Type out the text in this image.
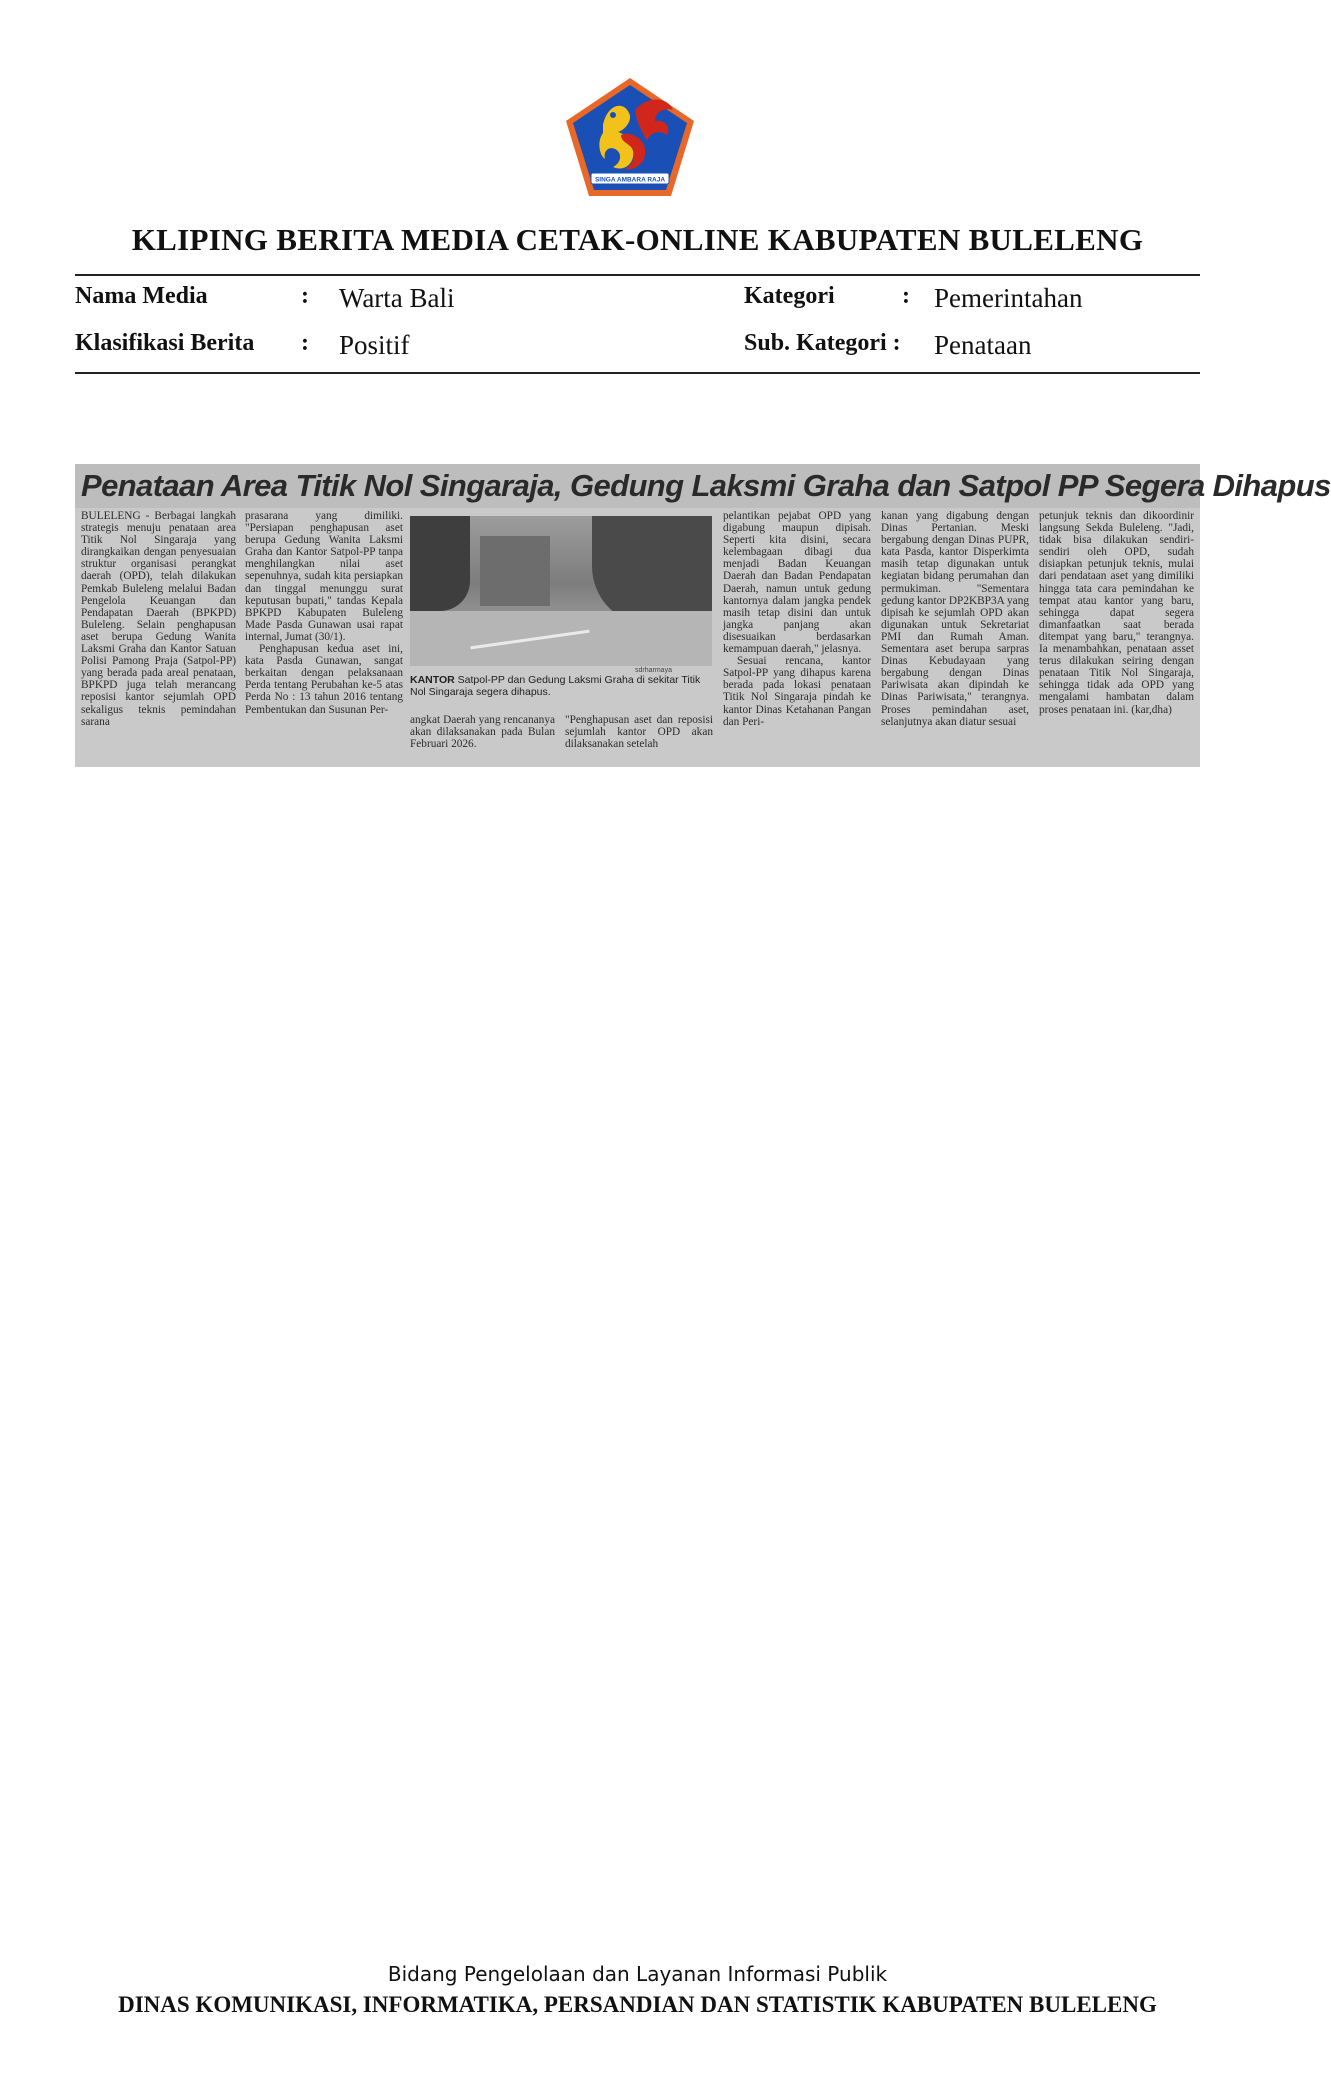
SINGA AMBARA RAJA
KLIPING BERITA MEDIA CETAK-ONLINE KABUPATEN BULELENG
Nama Media	: Warta Bali	Kategori	: Pemerintahan
Klasifikasi Berita : Positif	Sub. Kategori : Penataan
Penataan Area Titik Nol Singaraja, Gedung Laksmi Graha dan Satpol PP Segera Dihapus

BULELENG - Berbagai langkah strategis menuju penataan area Titik Nol Singaraja yang dirangkaikan dengan penyesuaian struktur organisasi perangkat daerah (OPD), telah dilakukan Pemkab Buleleng melalui Badan Pengelola Keuangan dan Pendapatan Daerah (BPKPD) Buleleng. Selain penghapusan aset berupa Gedung Wanita Laksmi Graha dan Kantor Satuan Polisi Pamong Praja (Satpol-PP) yang berada pada areal penataan, BPKPD juga telah merancang reposisi kantor sejumlah OPD sekaligus teknis pemindahan sarana

prasarana yang dimiliki. "Persiapan penghapusan aset berupa Gedung Wanita Laksmi Graha dan Kantor Satpol-PP tanpa menghilangkan nilai aset sepenuhnya, sudah kita persiapkan dan tinggal menunggu surat keputusan bupati," tandas Kepala BPKPD Kabupaten Buleleng Made Pasda Gunawan usai rapat internal, Jumat (30/1).

Penghapusan kedua aset ini, kata Pasda Gunawan, sangat berkaitan dengan pelaksanaan Perda tentang Perubahan ke-5 atas Perda No : 13 tahun 2016 tentang Pembentukan dan Susunan Per-

sdrharmaya
KANTOR Satpol-PP dan Gedung Laksmi Graha di sekitar Titik Nol Singaraja segera dihapus.

angkat Daerah yang rencananya akan dilaksanakan pada Bulan Februari 2026.

"Penghapusan aset dan reposisi sejumlah kantor OPD akan dilaksanakan setelah

pelantikan pejabat OPD yang digabung maupun dipisah. Seperti kita disini, secara kelembagaan dibagi dua menjadi Badan Keuangan Daerah dan Badan Pendapatan Daerah, namun untuk gedung kantornya dalam jangka pendek masih tetap disini dan untuk jangka panjang akan disesuaikan berdasarkan kemampuan daerah," jelasnya.

Sesuai rencana, kantor Satpol-PP yang dihapus karena berada pada lokasi penataan Titik Nol Singaraja pindah ke kantor Dinas Ketahanan Pangan dan Peri-

kanan yang digabung dengan Dinas Pertanian. Meski bergabung dengan Dinas PUPR, kata Pasda, kantor Disperkimta masih tetap digunakan untuk kegiatan bidang perumahan dan permukiman. "Sementara gedung kantor DP2KBP3A yang dipisah ke sejumlah OPD akan digunakan untuk Sekretariat PMI dan Rumah Aman. Sementara aset berupa sarpras Dinas Kebudayaan yang bergabung dengan Dinas Pariwisata akan dipindah ke Dinas Pariwisata," terangnya. Proses pemindahan aset, selanjutnya akan diatur sesuai

petunjuk teknis dan dikoordinir langsung Sekda Buleleng. "Jadi, tidak bisa dilakukan sendiri-sendiri oleh OPD, sudah disiapkan petunjuk teknis, mulai dari pendataan aset yang dimiliki hingga tata cara pemindahan ke tempat atau kantor yang baru, sehingga dapat segera dimanfaatkan saat berada ditempat yang baru," terangnya. Ia menambahkan, penataan asset terus dilakukan seiring dengan penataan Titik Nol Singaraja, sehingga tidak ada OPD yang mengalami hambatan dalam proses penataan ini. (kar,dha)

Bidang Pengelolaan dan Layanan Informasi Publik
DINAS KOMUNIKASI, INFORMATIKA, PERSANDIAN DAN STATISTIK KABUPATEN BULELENG
